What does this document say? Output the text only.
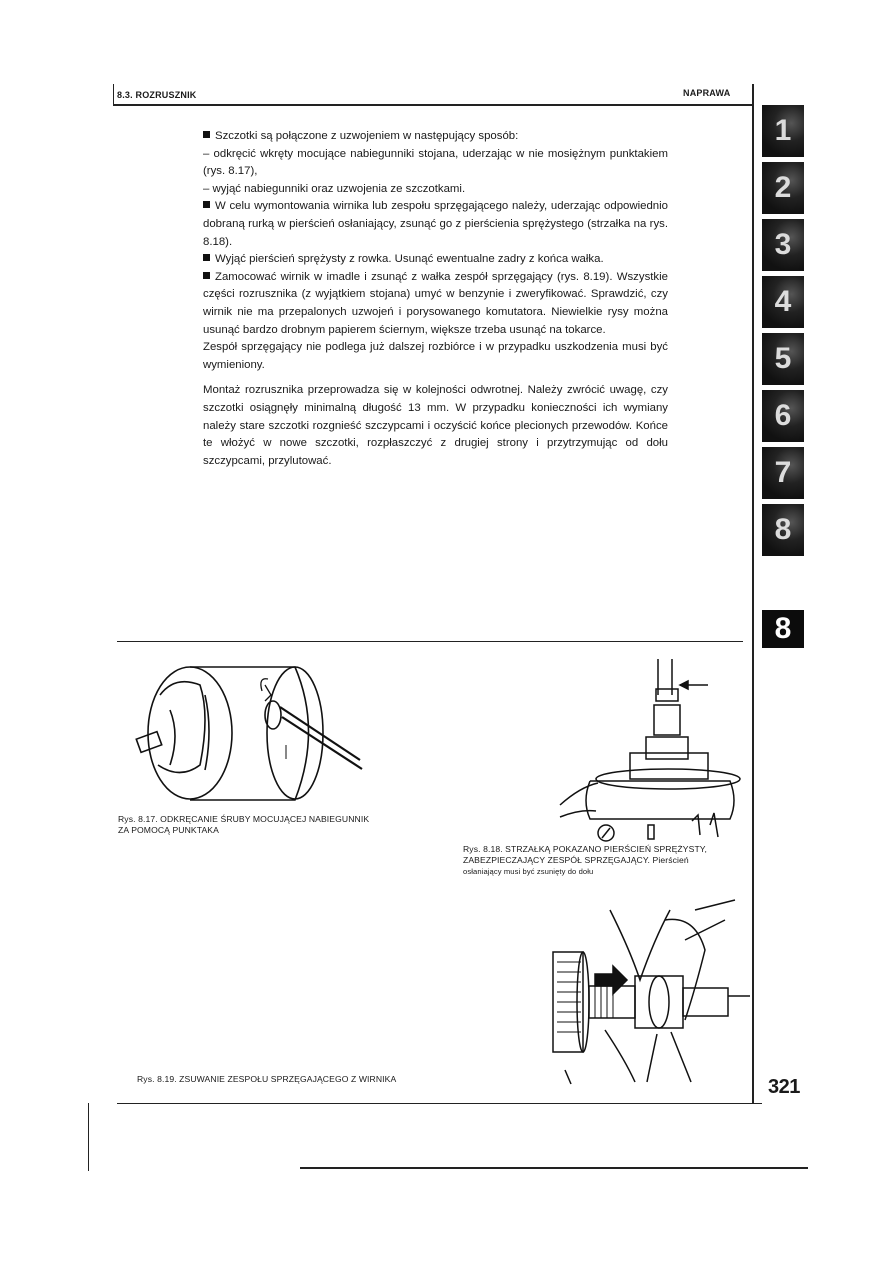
8.3. ROZRUSZNIK	NAPRAWA

Szczotki są połączone z uzwojeniem w następujący sposób:

– odkręcić wkręty mocujące nabiegunniki stojana, uderzając w nie mosiężnym punktakiem (rys. 8.17),

– wyjąć nabiegunniki oraz uzwojenia ze szczotkami.

W celu wymontowania wirnika lub zespołu sprzęgającego należy, uderzając odpowiednio dobraną rurką w pierścień osłaniający, zsunąć go z pierścienia sprężystego (strzałka na rys. 8.18).

Wyjąć pierścień sprężysty z rowka. Usunąć ewentualne zadry z końca wałka.

Zamocować wirnik w imadle i zsunąć z wałka zespół sprzęgający (rys. 8.19). Wszystkie części rozrusznika (z wyjątkiem stojana) umyć w benzynie i zweryfikować. Sprawdzić, czy wirnik nie ma przepalonych uzwojeń i porysowanego komutatora. Niewielkie rysy można usunąć bardzo drobnym papierem ściernym, większe trzeba usunąć na tokarce.

Zespół sprzęgający nie podlega już dalszej rozbiórce i w przypadku uszkodzenia musi być wymieniony.

Montaż rozrusznika przeprowadza się w kolejności odwrotnej. Należy zwrócić uwagę, czy szczotki osiągnęły minimalną długość 13 mm. W przypadku konieczności ich wymiany należy stare szczotki rozgnieść szczypcami i oczyścić końce plecionych przewodów. Końce te włożyć w nowe szczotki, rozpłaszczyć z drugiej strony i przytrzymując od dołu szczypcami, przylutować.

Rys. 8.17. ODKRĘCANIE ŚRUBY MOCUJĄCEJ NABIEGUNNIK
ZA POMOCĄ PUNKTAKA
Rys. 8.18. STRZAŁKĄ POKAZANO PIERŚCIEŃ SPRĘŻYSTY,
ZABEZPIECZAJĄCY ZESPÓŁ SPRZĘGAJĄCY. Pierścień
osłaniający musi być zsunięty do dołu
Rys. 8.19. ZSUWANIE ZESPOŁU SPRZĘGAJĄCEGO Z WIRNIKA
1
2
3
4
5
6
7
8
8
321
